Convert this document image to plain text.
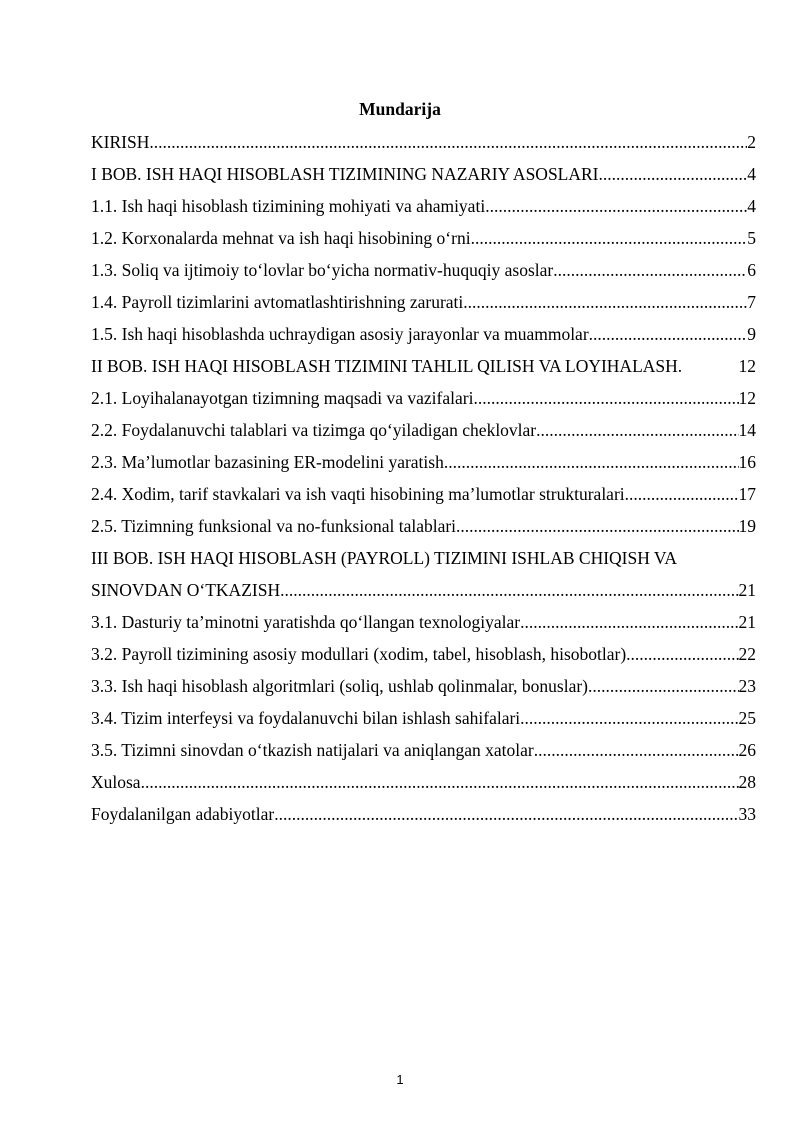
Mundarija
KIRISH .....	2
I BOB. ISH HAQI HISOBLASH TIZIMINING NAZARIY ASOSLARI .....	4
1.1. Ish haqi hisoblash tizimining mohiyati va ahamiyati .....	4
1.2. Korxonalarda mehnat va ish haqi hisobining o‘rni .....	5
1.3. Soliq va ijtimoiy to‘lovlar bo‘yicha normativ-huquqiy asoslar .....	6
1.4. Payroll tizimlarini avtomatlashtirishning zarurati .....	7
1.5. Ish haqi hisoblashda uchraydigan asosiy jarayonlar va muammolar .....	9
II BOB. ISH HAQI HISOBLASH TIZIMINI TAHLIL QILISH VA LOYIHALASH.	12
2.1. Loyihalanayotgan tizimning maqsadi va vazifalari .....	12
2.2. Foydalanuvchi talablari va tizimga qo‘yiladigan cheklovlar .....	14
2.3. Ma’lumotlar bazasining ER-modelini yaratish .....	16
2.4. Xodim, tarif stavkalari va ish vaqti hisobining ma’lumotlar strukturalari .....	17
2.5. Tizimning funksional va no-funksional talablari .....	19
III BOB. ISH HAQI HISOBLASH (PAYROLL) TIZIMINI ISHLAB CHIQISH VA
SINOVDAN O‘TKAZISH .....	21
3.1. Dasturiy ta’minotni yaratishda qo‘llangan texnologiyalar .....	21
3.2. Payroll tizimining asosiy modullari (xodim, tabel, hisoblash, hisobotlar) .....	22
3.3. Ish haqi hisoblash algoritmlari (soliq, ushlab qolinmalar, bonuslar) .....	23
3.4. Tizim interfeysi va foydalanuvchi bilan ishlash sahifalari .....	25
3.5. Tizimni sinovdan o‘tkazish natijalari va aniqlangan xatolar .....	26
Xulosa .....	28
Foydalanilgan adabiyotlar .....	33
1
